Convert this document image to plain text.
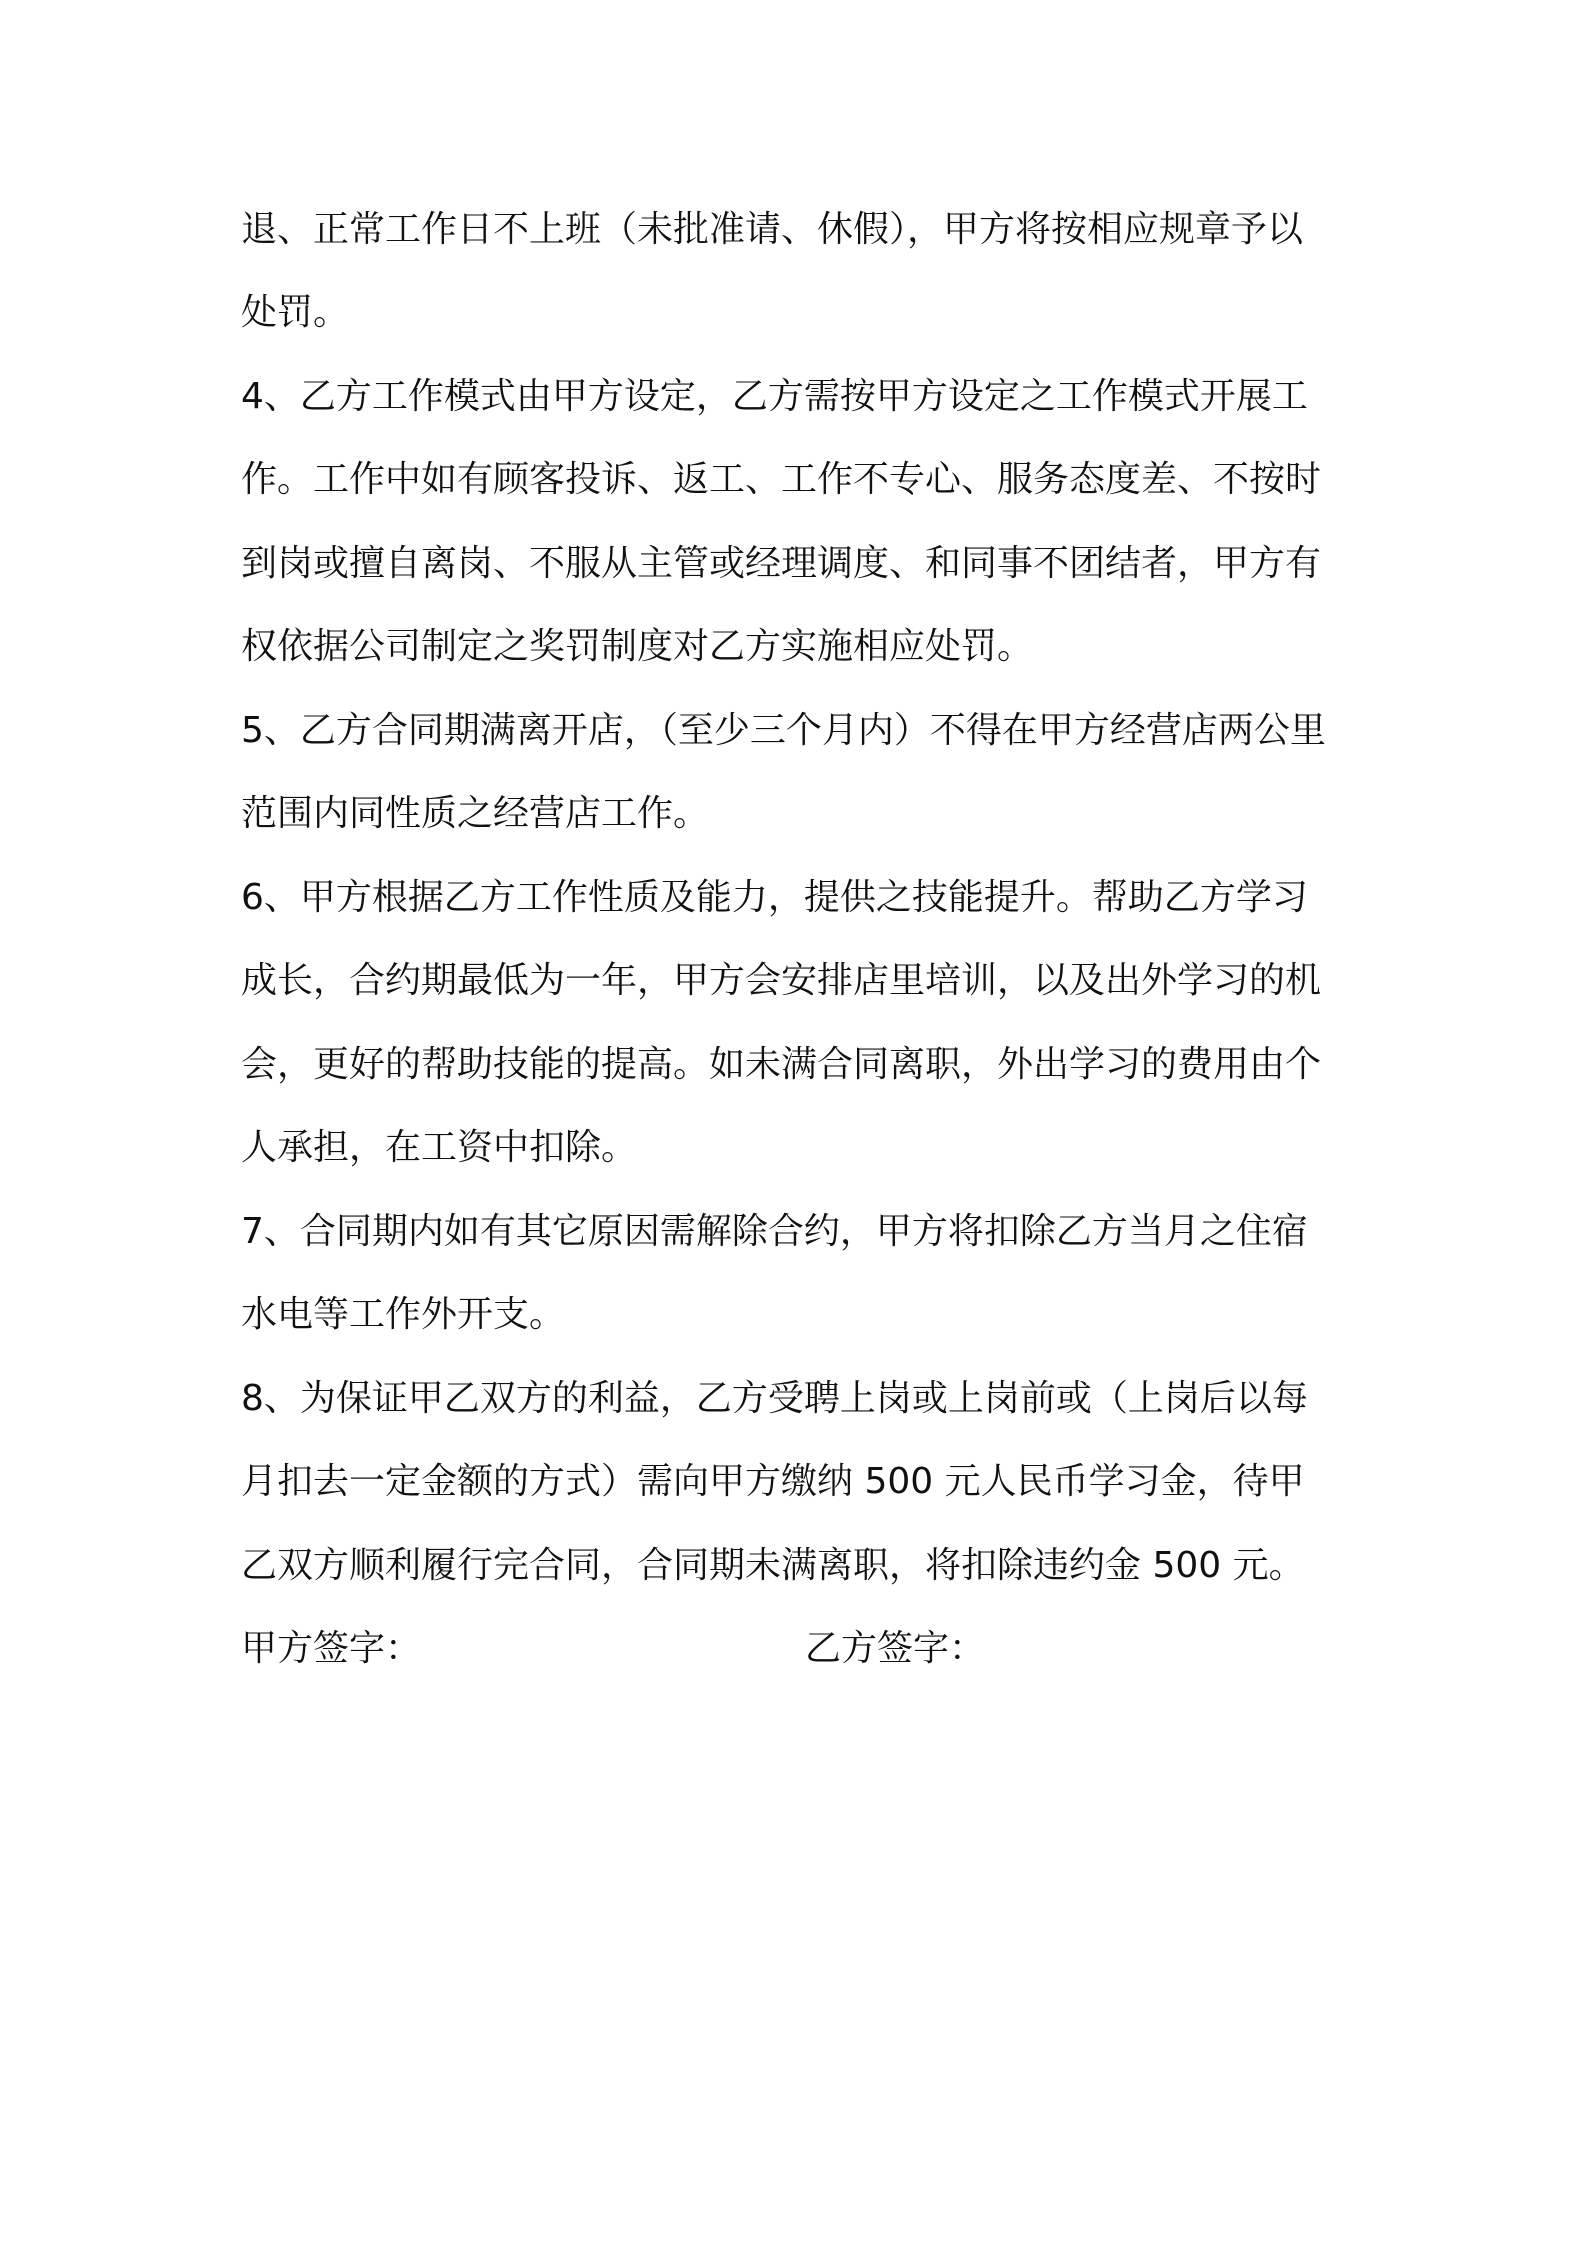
退、正常工作日不上班（未批准请、休假），甲方将按相应规章予以
处罚。
4、乙方工作模式由甲方设定，乙方需按甲方设定之工作模式开展工
作。工作中如有顾客投诉、返工、工作不专心、服务态度差、不按时
到岗或擅自离岗、不服从主管或经理调度、和同事不团结者，甲方有
权依据公司制定之奖罚制度对乙方实施相应处罚。
5、乙方合同期满离开店，（至少三个月内）不得在甲方经营店两公里
范围内同性质之经营店工作。
6、甲方根据乙方工作性质及能力，提供之技能提升。帮助乙方学习
成长，合约期最低为一年，甲方会安排店里培训，以及出外学习的机
会，更好的帮助技能的提高。如未满合同离职，外出学习的费用由个
人承担，在工资中扣除。
7、合同期内如有其它原因需解除合约，甲方将扣除乙方当月之住宿
水电等工作外开支。
8、为保证甲乙双方的利益，乙方受聘上岗或上岗前或（上岗后以每
月扣去一定金额的方式）需向甲方缴纳 500 元人民币学习金，待甲
乙双方顺利履行完合同，合同期未满离职，将扣除违约金 500 元。
甲方签字：	乙方签字：
